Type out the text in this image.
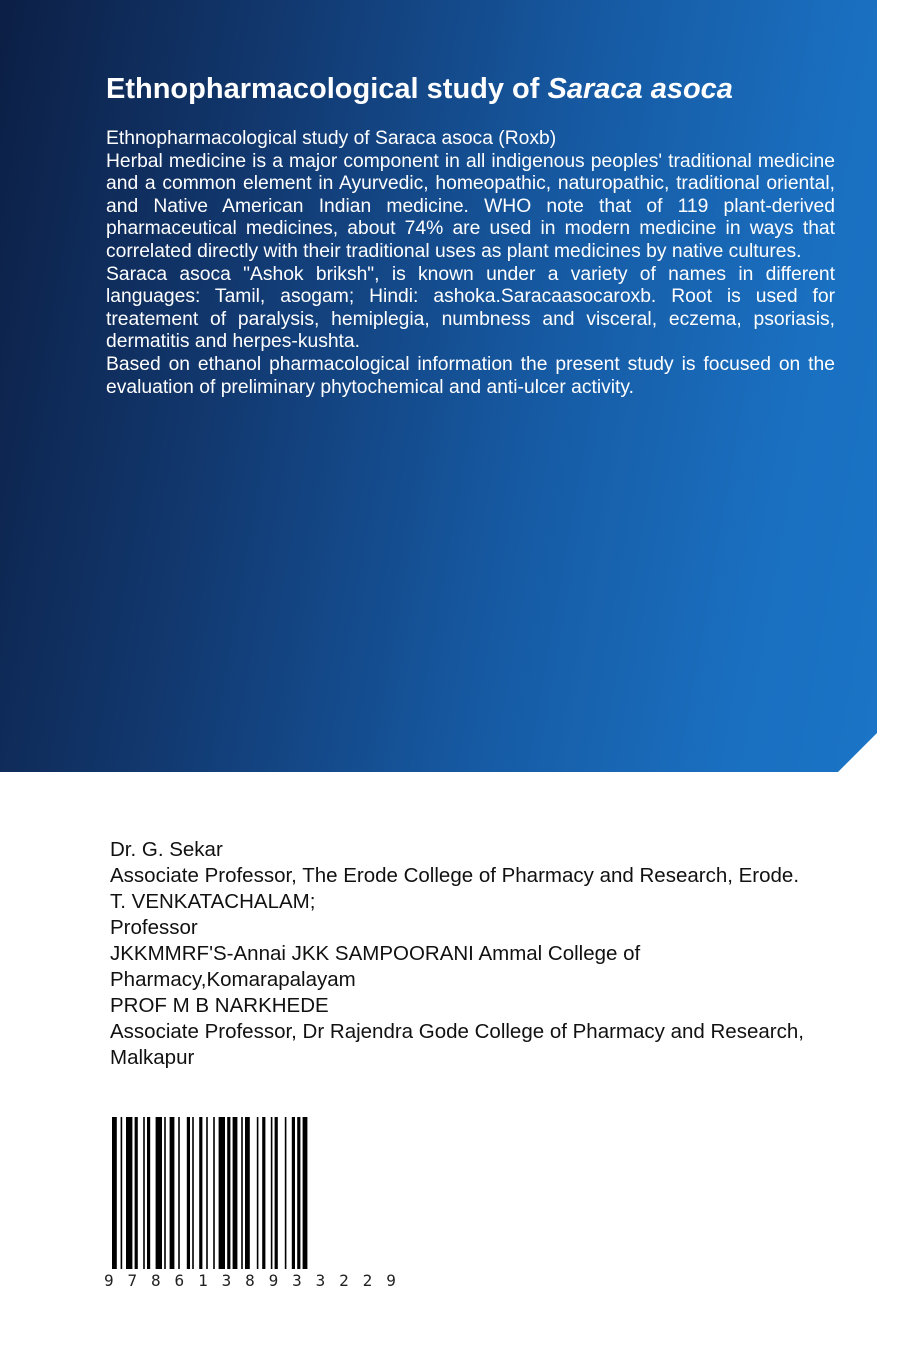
Ethnopharmacological study of Saraca asoca

Ethnopharmacological study of Saraca asoca (Roxb)

Herbal medicine is a major component in all indigenous peoples' traditional medicine and a common element in Ayurvedic, homeopathic, naturopathic, traditional oriental, and Native American Indian medicine. WHO note that of 119 plant-derived pharmaceutical medicines, about 74% are used in modern medicine in ways that correlated directly with their traditional uses as plant medicines by native cultures.

Saraca asoca "Ashok briksh", is known under a variety of names in different languages: Tamil, asogam; Hindi: ashoka.Saracaasocaroxb. Root is used for treatement of paralysis, hemiplegia, numbness and visceral, eczema, psoriasis, dermatitis and herpes-kushta.

Based on ethanol pharmacological information the present study is focused on the evaluation of preliminary phytochemical and anti-ulcer activity.

Dr. G. Sekar
Associate Professor, The Erode College of Pharmacy and Research, Erode.
T. VENKATACHALAM;
Professor
JKKMMRF'S-Annai JKK SAMPOORANI Ammal College of Pharmacy,Komarapalayam
PROF M B NARKHEDE
Associate Professor, Dr Rajendra Gode College of Pharmacy and Research, Malkapur
9 7 8 6 1 3 8 9 3 3 2 2 9
